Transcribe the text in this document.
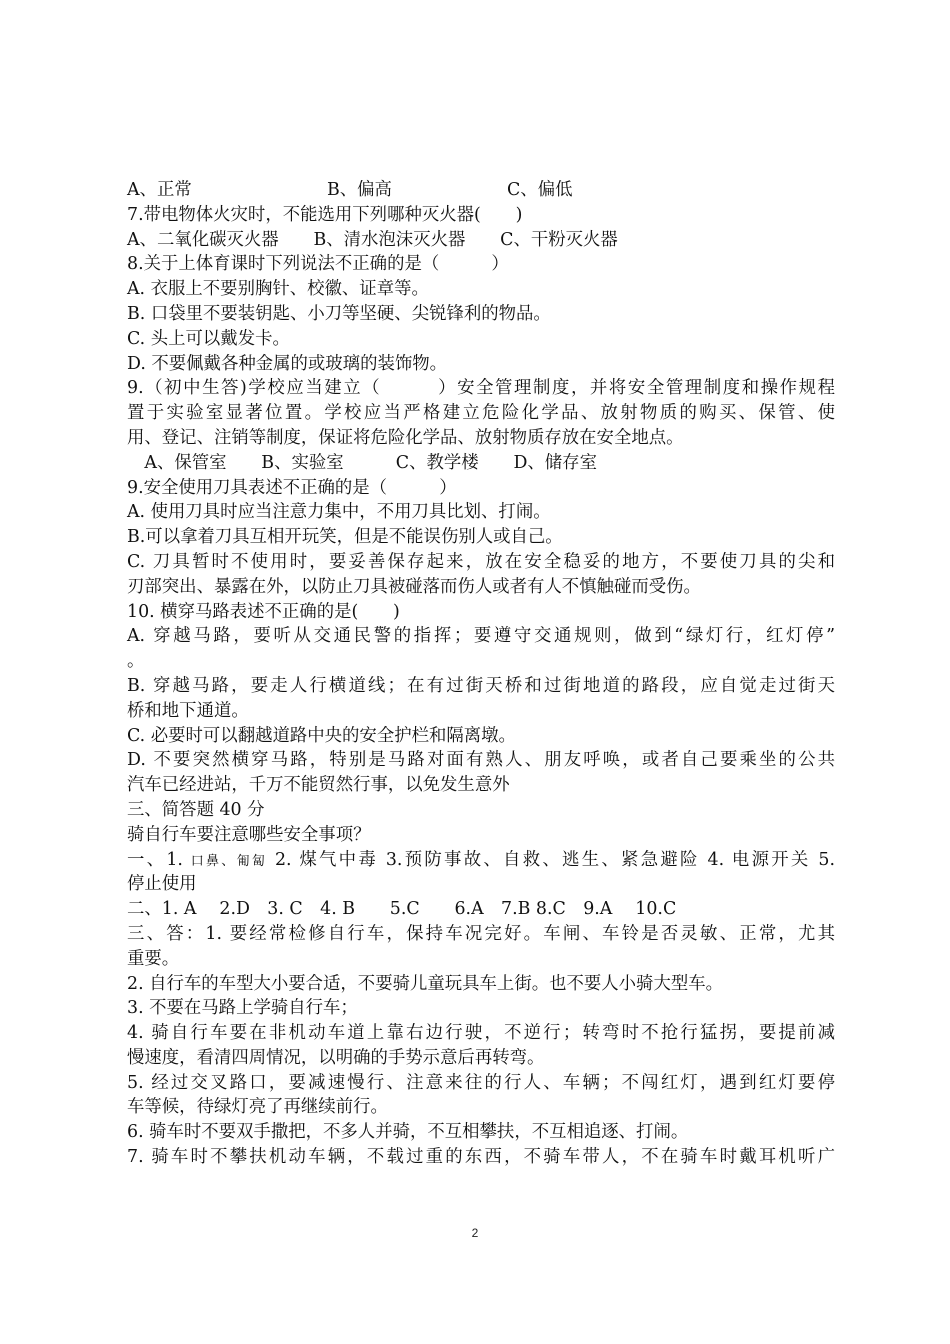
A、正常	B、偏高	C、偏低
7.带电物体火灾时，不能选用下列哪种灭火器(　　)
A、二氧化碳灭火器　　B、清水泡沫灭火器　　C、干粉灭火器
8.关于上体育课时下列说法不正确的是（　　　）
A. 衣服上不要别胸针、校徽、证章等。
B. 口袋里不要装钥匙、小刀等坚硬、尖锐锋利的物品。
C. 头上可以戴发卡。
D. 不要佩戴各种金属的或玻璃的装饰物。
9.（初中生答)学校应当建立（　　　）安全管理制度，并将安全管理制度和操作规程
置于实验室显著位置。学校应当严格建立危险化学品、放射物质的购买、保管、使
用、登记、注销等制度，保证将危险化学品、放射物质存放在安全地点。
　A、保管室　　B、实验室　　　C、教学楼　　D、储存室
9.安全使用刀具表述不正确的是（　　　）
A. 使用刀具时应当注意力集中，不用刀具比划、打闹。
B.可以拿着刀具互相开玩笑，但是不能误伤别人或自己。
C. 刀具暂时不使用时，要妥善保存起来，放在安全稳妥的地方，不要使刀具的尖和
刃部突出、暴露在外，以防止刀具被碰落而伤人或者有人不慎触碰而受伤。
10. 横穿马路表述不正确的是(　　)
A. 穿越马路，要听从交通民警的指挥；要遵守交通规则，做到“绿灯行，红灯停”
。
B. 穿越马路，要走人行横道线；在有过街天桥和过街地道的路段，应自觉走过街天
桥和地下通道。
C. 必要时可以翻越道路中央的安全护栏和隔离墩。
D. 不要突然横穿马路，特别是马路对面有熟人、朋友呼唤，或者自己要乘坐的公共
汽车已经进站，千万不能贸然行事，以免发生意外
三、简答题 40 分
骑自行车要注意哪些安全事项？
一、1. 口鼻、匍匐 2. 煤气中毒 3.预防事故、自救、逃生、紧急避险 4. 电源开关 5.
停止使用
二、1. A　 2.D　3. C　4. B　　5.C　　6.A　7.B 8.C　9.A　 10.C
三、答：1. 要经常检修自行车，保持车况完好。车闸、车铃是否灵敏、正常，尤其
重要。
2. 自行车的车型大小要合适，不要骑儿童玩具车上街。也不要人小骑大型车。
3. 不要在马路上学骑自行车；
4. 骑自行车要在非机动车道上靠右边行驶，不逆行；转弯时不抢行猛拐，要提前减
慢速度，看清四周情况，以明确的手势示意后再转弯。
5. 经过交叉路口，要减速慢行、注意来往的行人、车辆；不闯红灯，遇到红灯要停
车等候，待绿灯亮了再继续前行。
6. 骑车时不要双手撒把，不多人并骑，不互相攀扶，不互相追逐、打闹。
7. 骑车时不攀扶机动车辆，不载过重的东西，不骑车带人，不在骑车时戴耳机听广
2
